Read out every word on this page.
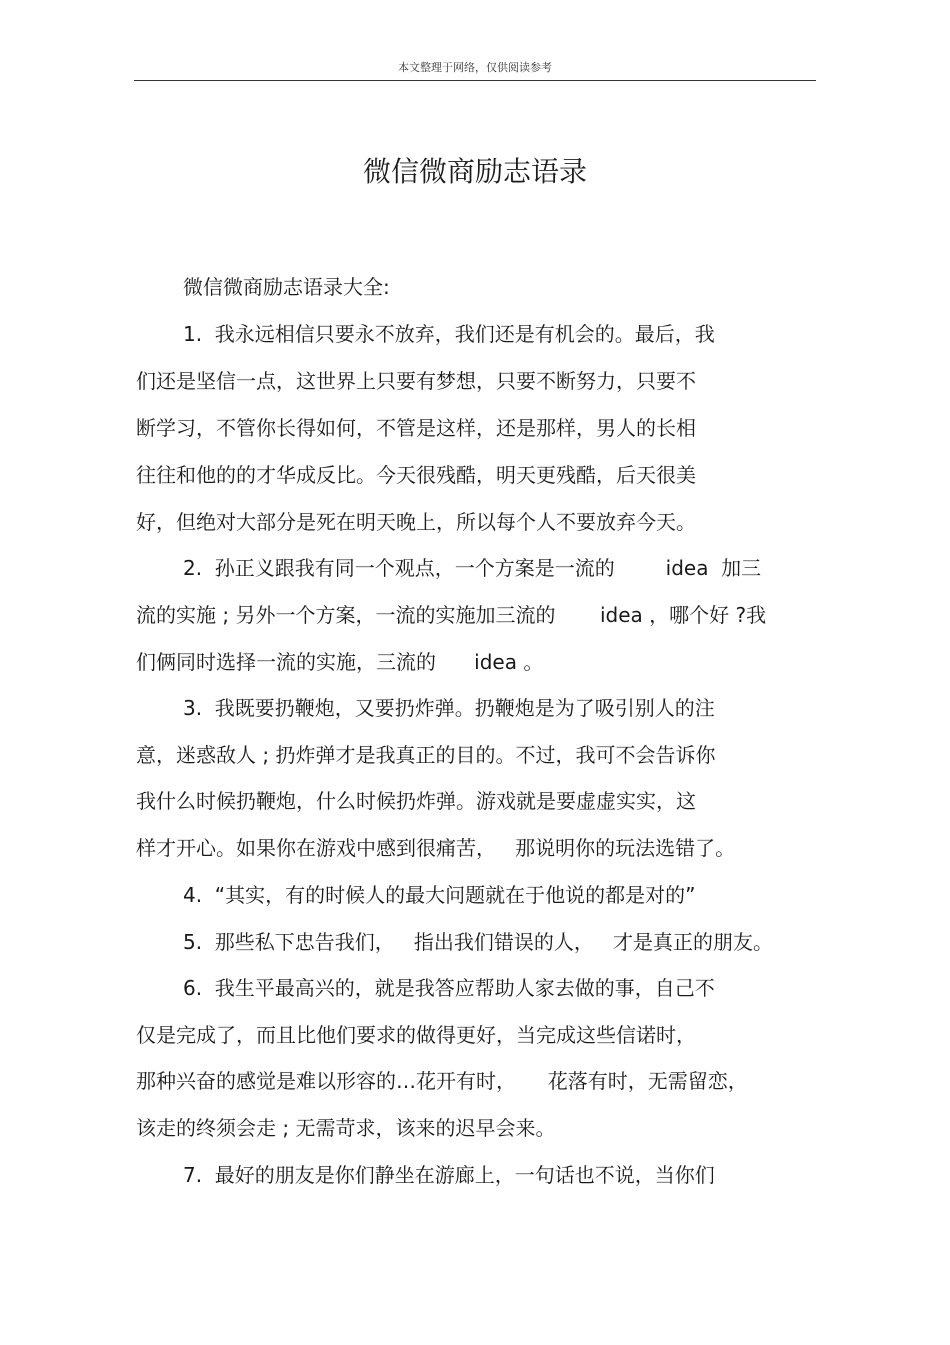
本文整理于网络，仅供阅读参考
微信微商励志语录
微信微商励志语录大全:
1.  我永远相信只要永不放弃，我们还是有机会的。最后，我
们还是坚信一点，这世界上只要有梦想，只要不断努力，只要不
断学习，不管你长得如何，不管是这样，还是那样，男人的长相
往往和他的的才华成反比。今天很残酷，明天更残酷，后天很美
好，但绝对大部分是死在明天晚上，所以每个人不要放弃今天。
2.  孙正义跟我有同一个观点，一个方案是一流的        idea  加三
流的实施 ; 另外一个方案，一流的实施加三流的       idea ，哪个好 ?我
们俩同时选择一流的实施，三流的      idea 。
3.  我既要扔鞭炮，又要扔炸弹。扔鞭炮是为了吸引别人的注
意，迷惑敌人 ; 扔炸弹才是我真正的目的。不过，我可不会告诉你
我什么时候扔鞭炮，什么时候扔炸弹。游戏就是要虚虚实实，这
样才开心。如果你在游戏中感到很痛苦，   那说明你的玩法选错了。
4.  “其实，有的时候人的最大问题就在于他说的都是对的”
5.  那些私下忠告我们，   指出我们错误的人，   才是真正的朋友。
6.  我生平最高兴的，就是我答应帮助人家去做的事，自己不
仅是完成了，而且比他们要求的做得更好，当完成这些信诺时，
那种兴奋的感觉是难以形容的…花开有时，     花落有时，无需留恋，
该走的终须会走 ; 无需苛求，该来的迟早会来。
7.  最好的朋友是你们静坐在游廊上，一句话也不说，当你们
